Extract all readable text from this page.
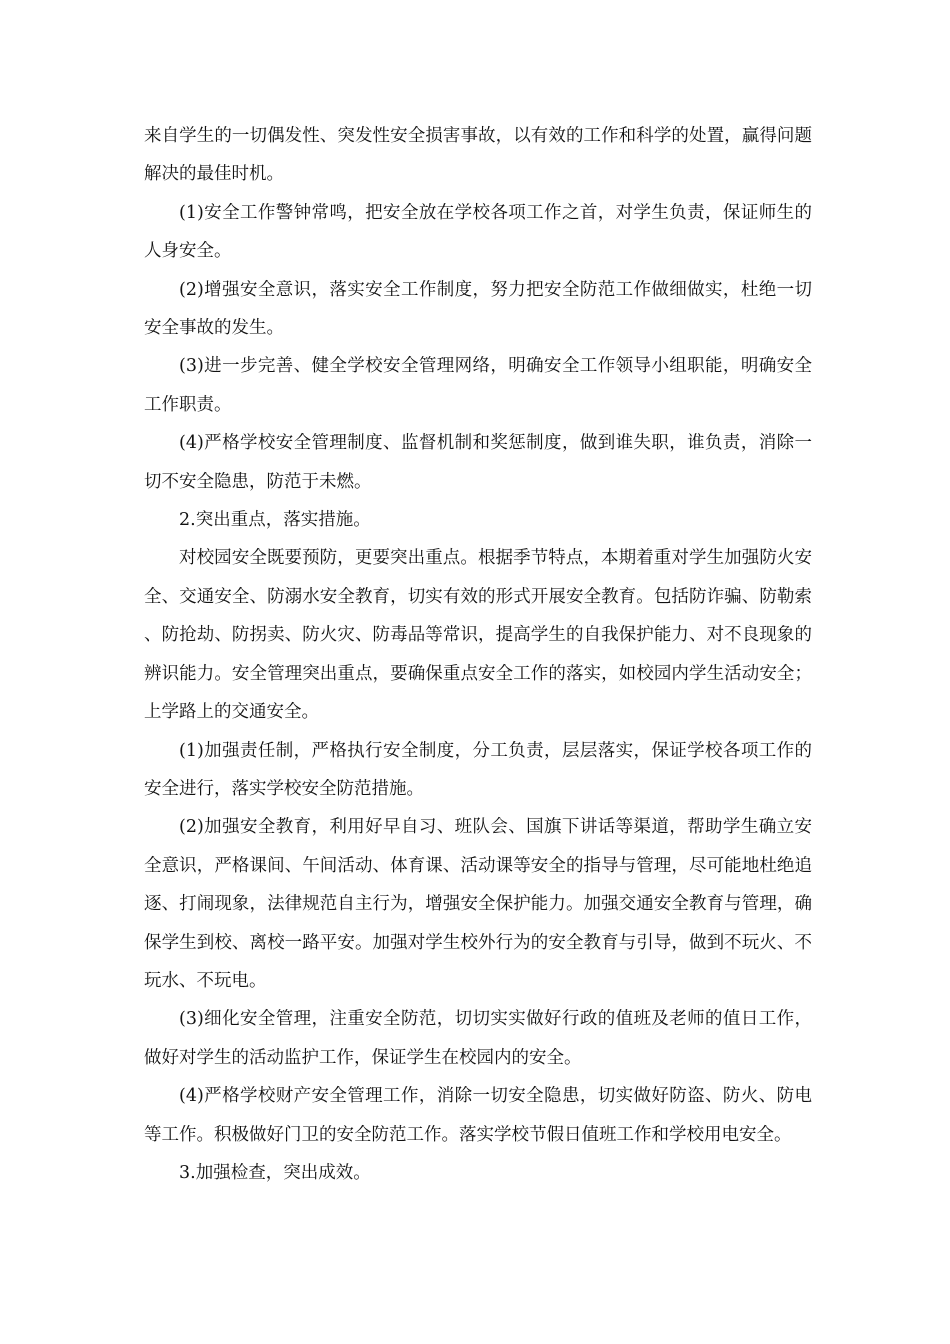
来自学生的一切偶发性、突发性安全损害事故，以有效的工作和科学的处置，赢得问题解决的最佳时机。

(1)安全工作警钟常鸣，把安全放在学校各项工作之首，对学生负责，保证师生的人身安全。

(2)增强安全意识，落实安全工作制度，努力把安全防范工作做细做实，杜绝一切安全事故的发生。

(3)进一步完善、健全学校安全管理网络，明确安全工作领导小组职能，明确安全工作职责。

(4)严格学校安全管理制度、监督机制和奖惩制度，做到谁失职，谁负责，消除一切不安全隐患，防范于未燃。

2.突出重点，落实措施。

对校园安全既要预防，更要突出重点。根据季节特点，本期着重对学生加强防火安全、交通安全、防溺水安全教育，切实有效的形式开展安全教育。包括防诈骗、防勒索、防抢劫、防拐卖、防火灾、防毒品等常识，提高学生的自我保护能力、对不良现象的辨识能力。安全管理突出重点，要确保重点安全工作的落实，如校园内学生活动安全；上学路上的交通安全。

(1)加强责任制，严格执行安全制度，分工负责，层层落实，保证学校各项工作的安全进行，落实学校安全防范措施。

(2)加强安全教育，利用好早自习、班队会、国旗下讲话等渠道，帮助学生确立安全意识，严格课间、午间活动、体育课、活动课等安全的指导与管理，尽可能地杜绝追逐、打闹现象，法律规范自主行为，增强安全保护能力。加强交通安全教育与管理，确保学生到校、离校一路平安。加强对学生校外行为的安全教育与引导，做到不玩火、不玩水、不玩电。

(3)细化安全管理，注重安全防范，切切实实做好行政的值班及老师的值日工作，做好对学生的活动监护工作，保证学生在校园内的安全。

(4)严格学校财产安全管理工作，消除一切安全隐患，切实做好防盗、防火、防电等工作。积极做好门卫的安全防范工作。落实学校节假日值班工作和学校用电安全。

3.加强检查，突出成效。
